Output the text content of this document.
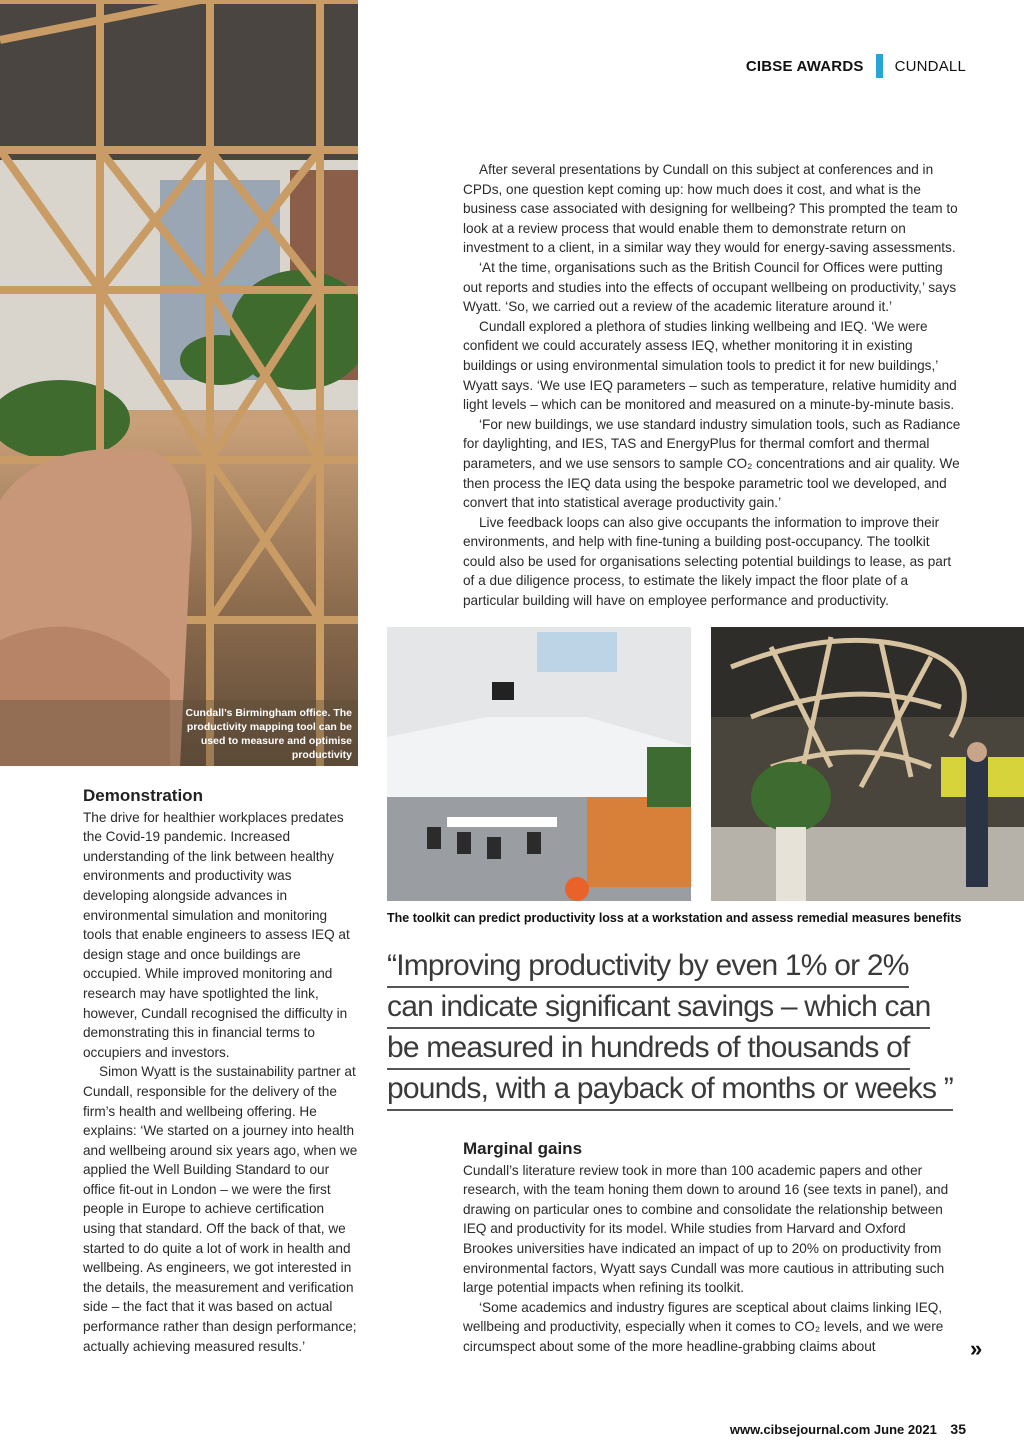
CIBSE AWARDS CUNDALL
Cundall’s Birmingham office. The productivity mapping tool can be used to measure and optimise productivity

After several presentations by Cundall on this subject at conferences and in CPDs, one question kept coming up: how much does it cost, and what is the business case associated with designing for wellbeing? This prompted the team to look at a review process that would enable them to demonstrate return on investment to a client, in a similar way they would for energy-saving assessments.

‘At the time, organisations such as the British Council for Offices were putting out reports and studies into the effects of occupant wellbeing on productivity,’ says Wyatt. ‘So, we carried out a review of the academic literature around it.’

Cundall explored a plethora of studies linking wellbeing and IEQ. ‘We were confident we could accurately assess IEQ, whether monitoring it in existing buildings or using environmental simulation tools to predict it for new buildings,’ Wyatt says. ‘We use IEQ parameters – such as temperature, relative humidity and light levels – which can be monitored and measured on a minute-by-minute basis.

‘For new buildings, we use standard industry simulation tools, such as Radiance for daylighting, and IES, TAS and EnergyPlus for thermal comfort and thermal parameters, and we use sensors to sample CO₂ concentrations and air quality. We then process the IEQ data using the bespoke parametric tool we developed, and convert that into statistical average productivity gain.’

Live feedback loops can also give occupants the information to improve their environments, and help with fine-tuning a building post-occupancy. The toolkit could also be used for organisations selecting potential buildings to lease, as part of a due diligence process, to estimate the likely impact the floor plate of a particular building will have on employee performance and productivity.

The toolkit can predict productivity loss at a workstation and assess remedial measures benefits
“Improving productivity by even 1% or 2%
can indicate significant savings – which can
be measured in hundreds of thousands of
pounds, with a payback of months or weeks ”
Demonstration

The drive for healthier workplaces predates the Covid-19 pandemic. Increased understanding of the link between healthy environments and productivity was developing alongside advances in environmental simulation and monitoring tools that enable engineers to assess IEQ at design stage and once buildings are occupied. While improved monitoring and research may have spotlighted the link, however, Cundall recognised the difficulty in demonstrating this in financial terms to occupiers and investors.

Simon Wyatt is the sustainability partner at Cundall, responsible for the delivery of the firm’s health and wellbeing offering. He explains: ‘We started on a journey into health and wellbeing around six years ago, when we applied the Well Building Standard to our office fit-out in London – we were the first people in Europe to achieve certification using that standard. Off the back of that, we started to do quite a lot of work in health and wellbeing. As engineers, we got interested in the details, the measurement and verification side – the fact that it was based on actual performance rather than design performance; actually achieving measured results.’

Marginal gains

Cundall’s literature review took in more than 100 academic papers and other research, with the team honing them down to around 16 (see texts in panel), and drawing on particular ones to combine and consolidate the relationship between IEQ and productivity for its model. While studies from Harvard and Oxford Brookes universities have indicated an impact of up to 20% on productivity from environmental factors, Wyatt says Cundall was more cautious in attributing such large potential impacts when refining its toolkit.

‘Some academics and industry figures are sceptical about claims linking IEQ, wellbeing and productivity, especially when it comes to CO₂ levels, and we were circumspect about some of the more headline-grabbing claims about	»
www.cibsejournal.com June 2021 35
